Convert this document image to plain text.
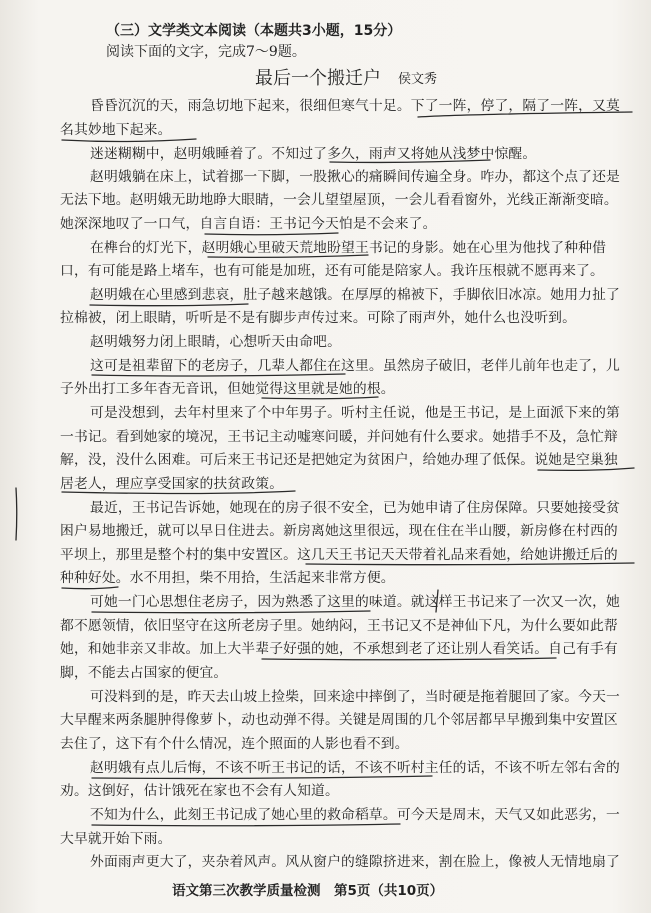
（三）文学类文本阅读（本题共3小题，15分）
阅读下面的文字，完成7～9题。
最后一个搬迁户 侯文秀
昏昏沉沉的天，雨急切地下起来，很细但寒气十足。下了一阵，停了，隔了一阵，又莫
名其妙地下起来。
迷迷糊糊中，赵明娥睡着了。不知过了多久，雨声又将她从浅梦中惊醒。
赵明娥躺在床上，试着挪一下脚，一股揪心的痛瞬间传遍全身。咋办，都这个点了还是
无法下地。赵明娥无助地睁大眼睛，一会儿望望屋顶，一会儿看看窗外，光线正渐渐变暗。
她深深地叹了一口气，自言自语：王书记今天怕是不会来了。
在榫台的灯光下，赵明娥心里破天荒地盼望王书记的身影。她在心里为他找了种种借
口，有可能是路上堵车，也有可能是加班，还有可能是陪家人。我许压根就不愿再来了。
赵明娥在心里感到悲哀，肚子越来越饿。在厚厚的棉被下，手脚依旧冰凉。她用力扯了
拉棉被，闭上眼睛，听听是不是有脚步声传过来。可除了雨声外，她什么也没听到。
赵明娥努力闭上眼睛，心想听天由命吧。
这可是祖辈留下的老房子，几辈人都住在这里。虽然房子破旧，老伴儿前年也走了，儿
子外出打工多年杳无音讯，但她觉得这里就是她的根。
可是没想到，去年村里来了个中年男子。听村主任说，他是王书记，是上面派下来的第
一书记。看到她家的境况，王书记主动嘘寒问暖，并问她有什么要求。她措手不及，急忙辩
解，没，没什么困难。可后来王书记还是把她定为贫困户，给她办理了低保。说她是空巢独
居老人，理应享受国家的扶贫政策。
最近，王书记告诉她，她现在的房子很不安全，已为她申请了住房保障。只要她接受贫
困户易地搬迁，就可以早日住进去。新房离她这里很远，现在住在半山腰，新房修在村西的
平坝上，那里是整个村的集中安置区。这几天王书记天天带着礼品来看她，给她讲搬迁后的
种种好处。水不用担，柴不用拾，生活起来非常方便。
可她一门心思想住老房子，因为熟悉了这里的味道。就这样王书记来了一次又一次，她
都不愿领情，依旧坚守在这所老房子里。她纳闷，王书记又不是神仙下凡，为什么要如此帮
她，和她非亲又非故。加上大半辈子好强的她，不承想到老了还让别人看笑话。自己有手有
脚，不能去占国家的便宜。
可没料到的是，昨天去山坡上捡柴，回来途中摔倒了，当时硬是拖着腿回了家。今天一
大早醒来两条腿肿得像萝卜，动也动弹不得。关键是周围的几个邻居都早早搬到集中安置区
去住了，这下有个什么情况，连个照面的人影也看不到。
赵明娥有点儿后悔，不该不听王书记的话，不该不听村主任的话，不该不听左邻右舍的
劝。这倒好，估计饿死在家也不会有人知道。
不知为什么，此刻王书记成了她心里的救命稻草。可今天是周末，天气又如此恶劣，一
大早就开始下雨。
外面雨声更大了，夹杂着风声。风从窗户的缝隙挤进来，割在脸上，像被人无情地扇了
语文第三次教学质量检测　第5页（共10页）
